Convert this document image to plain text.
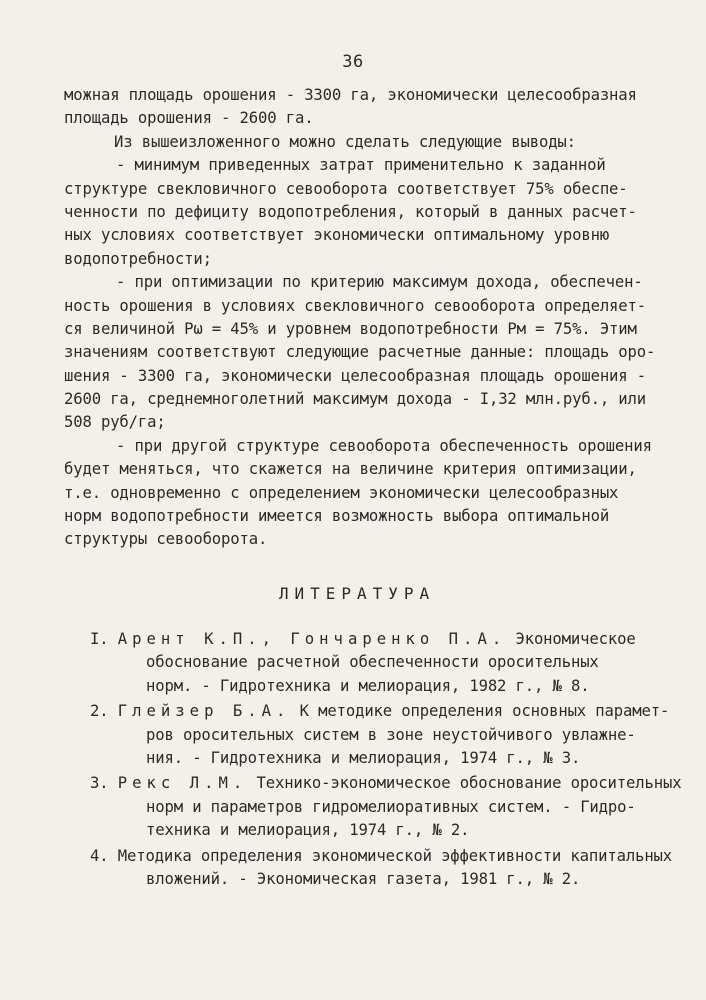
36
можная площадь орошения - 3300 га, экономически целесообразная
площадь орошения - 2600 га.
Из вышеизложенного можно сделать следующие выводы:
- минимум приведенных затрат применительно к заданной
структуре свекловичного севооборота соответствует 75% обеспе-
ченности по дефициту водопотребления, который в данных расчет-
ных условиях соответствует экономически оптимальному уровню
водопотребности;
- при оптимизации по критерию максимум дохода, обеспечен-
ность орошения в условиях свекловичного севооборота определяет-
ся величиной Pω = 45% и уровнем водопотребности Pм = 75%. Этим
значениям соответствуют следующие расчетные данные: площадь оро-
шения - 3300 га, экономически целесообразная площадь орошения -
2600 га, среднемноголетний максимум дохода - I,32 млн.руб., или
508 руб/га;
- при другой структуре севооборота обеспеченность орошения
будет меняться, что скажется на величине критерия оптимизации,
т.е. одновременно с определением экономически целесообразных
норм водопотребности имеется возможность выбора оптимальной
структуры севооборота.
ЛИТЕРАТУРА
I. Арент К.П., Гончаренко П.А. Экономическое
обоснование расчетной обеспеченности оросительных
норм. - Гидротехника и мелиорация, 1982 г., № 8.
2. Глейзер Б.А. К методике определения основных парамет-
ров оросительных систем в зоне неустойчивого увлажне-
ния. - Гидротехника и мелиорация, 1974 г., № 3.
3. Рекс Л.М. Технико-экономическое обоснование оросительных
норм и параметров гидромелиоративных систем. - Гидро-
техника и мелиорация, 1974 г., № 2.
4. Методика определения экономической эффективности капитальных
вложений. - Экономическая газета, 1981 г., № 2.
